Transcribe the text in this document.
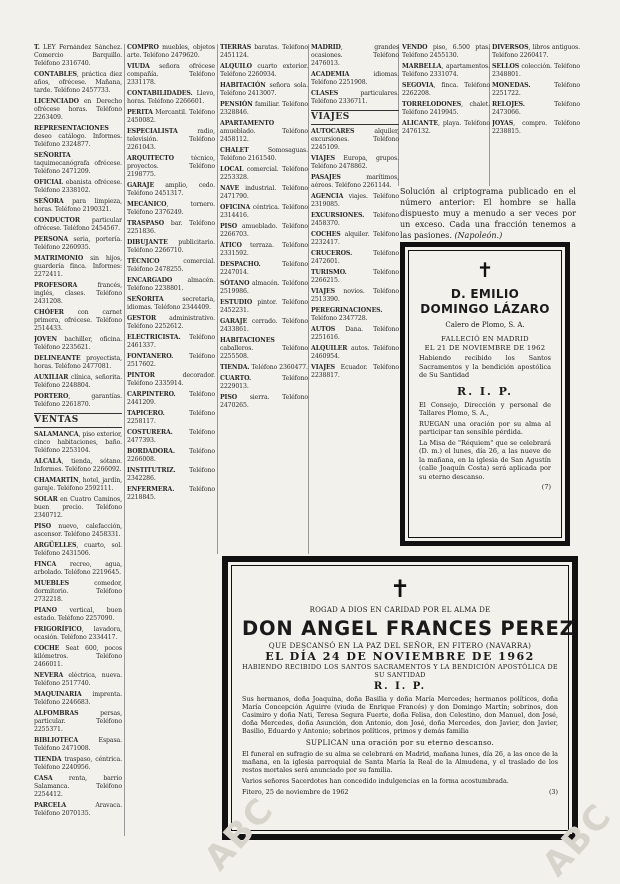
T. LEY Fernández Sánchez. Comercio Barquillo. Teléfono 2316740.
CONTABLES, práctica diez años, ofrécese. Mañana, tarde. Teléfono 2457733.
LICENCIADO en Derecho ofrécese horas. Teléfono 2263409.
REPRESENTACIONES deseo catálogo. Informes. Teléfono 2324877.
SEÑORITA taquimecanógrafa ofrécese. Teléfono 2471209.
OFICIAL ebanista ofrécese. Teléfono 2338102.
SEÑORA para limpieza, horas. Teléfono 2190321.
CONDUCTOR particular ofrécese. Teléfono 2454567.
PERSONA seria, portería. Teléfono 2260935.
MATRIMONIO sin hijos, guardería finca. Informes: 2272411.
PROFESORA francés, inglés, clases. Teléfono 2431208.
CHÓFER con carnet primera, ofrécese. Teléfono 2514433.
JOVEN bachiller, oficina. Teléfono 2235621.
DELINEANTE proyectista, horas. Teléfono 2477081.
AUXILIAR clínica, señorita. Teléfono 2248804.
PORTERO, garantías. Teléfono 2261870.
VENTAS
SALAMANCA, piso exterior, cinco habitaciones, baño. Teléfono 2253104.
ALCALÁ, tienda, sótano. Informes. Teléfono 2266092.
CHAMARTÍN, hotel, jardín, garaje. Teléfono 2592111.
SOLAR en Cuatro Caminos, buen precio. Teléfono 2340712.
PISO nuevo, calefacción, ascensor. Teléfono 2458331.
ARGÜELLES, cuarto, sol. Teléfono 2431506.
FINCA recreo, agua, arbolado. Teléfono 2219645.
MUEBLES comedor, dormitorio. Teléfono 2732218.
PIANO vertical, buen estado. Teléfono 2257090.
FRIGORÍFICO, lavadora, ocasión. Teléfono 2334417.
COCHE Seat 600, pocos kilómetros. Teléfono 2466011.
NEVERA eléctrica, nueva. Teléfono 2517740.
MAQUINARIA imprenta. Teléfono 2246683.
ALFOMBRAS persas, particular. Teléfono 2255371.
BIBLIOTECA Espasa. Teléfono 2471008.
TIENDA traspaso, céntrica. Teléfono 2240956.
CASA renta, barrio Salamanca. Teléfono 2254412.
PARCELA Aravaca. Teléfono 2070135.
COMPRO muebles, objetos arte. Teléfono 2479620.
VIUDA señora ofrécese compañía. Teléfono 2331178.
CONTABILIDADES. Llevo, horas. Teléfono 2266601.
PERITA Mercantil. Teléfono 2450082.
ESPECIALISTA radio, televisión. Teléfono 2261043.
ARQUITECTO técnico, proyectos. Teléfono 2198775.
GARAJE amplio, cedo. Teléfono 2451317.
MECÁNICO, tornero. Teléfono 2376249.
TRASPASO bar. Teléfono 2251836.
DIBUJANTE publicitario. Teléfono 2266710.
TÉCNICO comercial. Teléfono 2478255.
ENCARGADO almacén. Teléfono 2238801.
SEÑORITA secretaria, idiomas. Teléfono 2344409.
GESTOR administrativo. Teléfono 2252612.
ELECTRICISTA. Teléfono 2461337.
FONTANERO. Teléfono 2517602.
PINTOR decorador. Teléfono 2335914.
CARPINTERO. Teléfono 2441209.
TAPICERO. Teléfono 2258117.
COSTURERA. Teléfono 2477393.
BORDADORA. Teléfono 2266008.
INSTITUTRIZ. Teléfono 2342286.
ENFERMERA. Teléfono 2218845.
TIERRAS baratas. Teléfono 2451124.
ALQUILO cuarto exterior. Teléfono 2260934.
HABITACIÓN señora sola. Teléfono 2413007.
PENSIÓN familiar. Teléfono 2328846.
APARTAMENTO amueblado. Teléfono 2458112.
CHALET Somosaguas. Teléfono 2161540.
LOCAL comercial. Teléfono 2253328.
NAVE industrial. Teléfono 2471790.
OFICINA céntrica. Teléfono 2314416.
PISO amueblado. Teléfono 2266703.
ÁTICO terraza. Teléfono 2331592.
DESPACHO. Teléfono 2247014.
SÓTANO almacén. Teléfono 2519986.
ESTUDIO pintor. Teléfono 2452231.
GARAJE cerrado. Teléfono 2433861.
HABITACIONES caballeros. Teléfono 2255508.
TIENDA. Teléfono 2360477.
CUARTO. Teléfono 2229013.
PISO sierra. Teléfono 2470265.
MADRID, grandes ocasiones. Teléfono 2476013.
ACADEMIA idiomas. Teléfono 2251908.
CLASES particulares. Teléfono 2336711.
VIAJES
AUTOCARES alquiler, excursiones. Teléfono 2245109.
VIAJES Europa, grupos. Teléfono 2478862.
PASAJES marítimos, aéreos. Teléfono 2261144.
AGENCIA viajes. Teléfono 2319085.
EXCURSIONES. Teléfono 2458370.
COCHES alquiler. Teléfono 2232417.
CRUCEROS. Teléfono 2472601.
TURISMO. Teléfono 2266215.
VIAJES novios. Teléfono 2513390.
PEREGRINACIONES. Teléfono 2347728.
AUTOS Dana. Teléfono 2251616.
ALQUILER autos. Teléfono 2460954.
VIAJES Ecuador. Teléfono 2238817.
VENDO piso, 6.500 ptas. Teléfono 2455130.
MARBELLA, apartamentos. Teléfono 2331074.
SEGOVIA, finca. Teléfono 2262208.
TORRELODONES, chalet. Teléfono 2419945.
ALICANTE, playa. Teléfono 2476132.
DIVERSOS, libros antiguos. Teléfono 2260417.
SELLOS colección. Teléfono 2348801.
MONEDAS. Teléfono 2251722.
RELOJES. Teléfono 2473066.
JOYAS, compro. Teléfono 2238815.
Solución al criptograma publicado en el número anterior: El hombre se halla dispuesto muy a menudo a ser veces por un exceso. Cada una fracción tenemos a las pasiones. (Napoleón.)
✝
D. EMILIO DOMINGO LÁZARO
Calero de Plomo, S. A.
FALLECIÓ EN MADRID
EL 21 DE NOVIEMBRE DE 1962
Habiendo recibido los Santos Sacramentos y la bendición apostólica de Su Santidad
R. I. P.
El Consejo, Dirección y personal de Tallares Plomo, S. A.,
RUEGAN una oración por su alma al participar tan sensible pérdida.
La Misa de "Réquiem" que se celebrará (D. m.) el lunes, día 26, a las nueve de la mañana, en la iglesia de San Agustín (calle Joaquín Costa) será aplicada por su eterno descanso.
(7)
✝
ROGAD A DIOS EN CARIDAD POR EL ALMA DE
DON ANGEL FRANCES PEREZ
QUE DESCANSÓ EN LA PAZ DEL SEÑOR, EN FITERO (NAVARRA)
EL DÍA 24 DE NOVIEMBRE DE 1962
HABIENDO RECIBIDO LOS SANTOS SACRAMENTOS Y LA BENDICIÓN APOSTÓLICA DE SU SANTIDAD
R. I. P.
Sus hermanos, doña Joaquina, doña Basilia y doña María Mercedes; hermanos políticos, doña María Concepción Aguirre (viuda de Enrique Francés) y don Domingo Martín; sobrinos, don Casimiro y doña Nati, Teresa Segura Fuerte, doña Felisa, don Celestino, don Manuel, don José, doña Mercedes, doña Asunción, don Antonio, don José, doña Mercedes, don Javier, don Javier, Basilio, Eduardo y Antonio; sobrinos políticos, primos y demás familia
SUPLICAN una oración por su eterno descanso.
El funeral en sufragio de su alma se celebrará en Madrid, mañana lunes, día 26, a las once de la mañana, en la iglesia parroquial de Santa María la Real de la Almudena, y el traslado de los restos mortales será anunciado por su familia.
Varios señores Sacerdotes han concedido indulgencias en la forma acostumbrada.
Fitero, 25 de noviembre de 1962	(3)
ABC	ABC
